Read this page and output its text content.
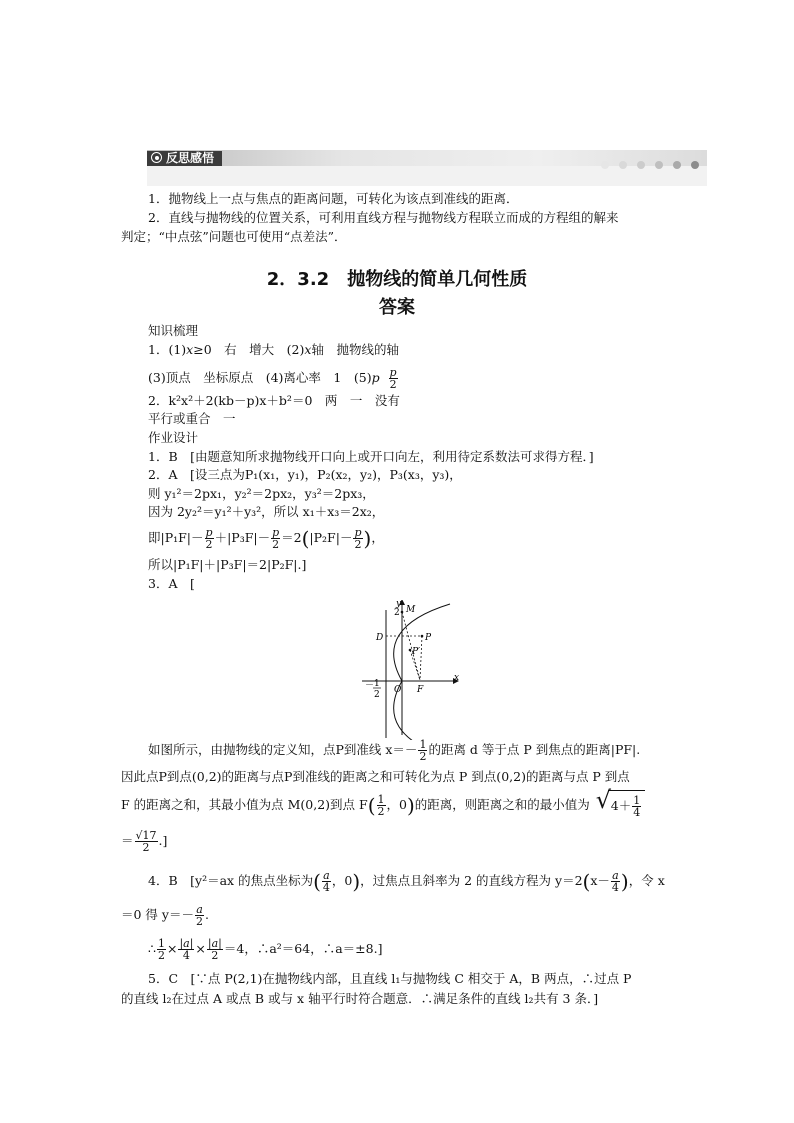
反思感悟
1．抛物线上一点与焦点的距离问题，可转化为该点到准线的距离．
2．直线与抛物线的位置关系，可利用直线方程与抛物线方程联立而成的方程组的解来
判定；“中点弦”问题也可使用“点差法”．
2．3.2　抛物线的简单几何性质
答案
知识梳理
1．(1)x≥0　右　增大　(2)x轴　抛物线的轴
(3)顶点　坐标原点　(4)离心率　1　$(5)p \frac{p}{2}$
2．k²x²＋2(kb－p)x＋b²＝0　两　一　没有
平行或重合　一
作业设计
1．B　[由题意知所求抛物线开口向上或开口向左，利用待定系数法可求得方程．]
2．A　[设三点为P₁(x₁，y₁)，P₂(x₂，y₂)，P₃(x₃，y₃)，
则 y₁²＝2px₁，y₂²＝2px₂，y₃²＝2px₃，
因为 2y₂²＝y₁²＋y₃²，所以 x₁＋x₃＝2x₂，
即$|P_1F|- \frac{p}{2} +|P_3F|- \frac{p}{2} =2(|P_2F|- \frac{p}{2}$ )，
所以|P₁F|＋|P₃F|＝2|P₂F|.]
3．A　[
y
x
2 M
D	P
P′
O F
－ 1
2
如图所示，由抛物线的定义知，点P到准线 $x=- \frac{1}{2}$ 的距离 d 等于点 P 到焦点的距离|PF|.
因此点P到点(0,2)的距离与点P到准线的距离之和可转化为点 P 到点(0,2)的距离与点 P 到点
F 的距离之和，其最小值为点 M(0,2)到点 $F( \frac{1}{2}$ ，0)的距离，则距离之和的最小值为  √ $4+ \frac{1}{4}$
＝ $\frac{√17}{2}$ .]
4．B　[y²＝ax 的焦点坐标为( $\frac{a}{4}$ ，0)，过焦点且斜率为 2 的直线方程为 $y=2(x- \frac{a}{4}$ )，令 x
＝0 得 $y=- \frac{a}{2}$ .
∴ $\frac{1}{2} \times \frac{|a|}{4} \times \frac{|a|}{2} =4$，∴a²＝64，∴a＝±8.]
5．C　[∵点 P(2,1)在抛物线内部，且直线 l₁与抛物线 C 相交于 A，B 两点，∴过点 P
的直线 l₂在过点 A 或点 B 或与 x 轴平行时符合题意．∴满足条件的直线 l₂共有 3 条．]
